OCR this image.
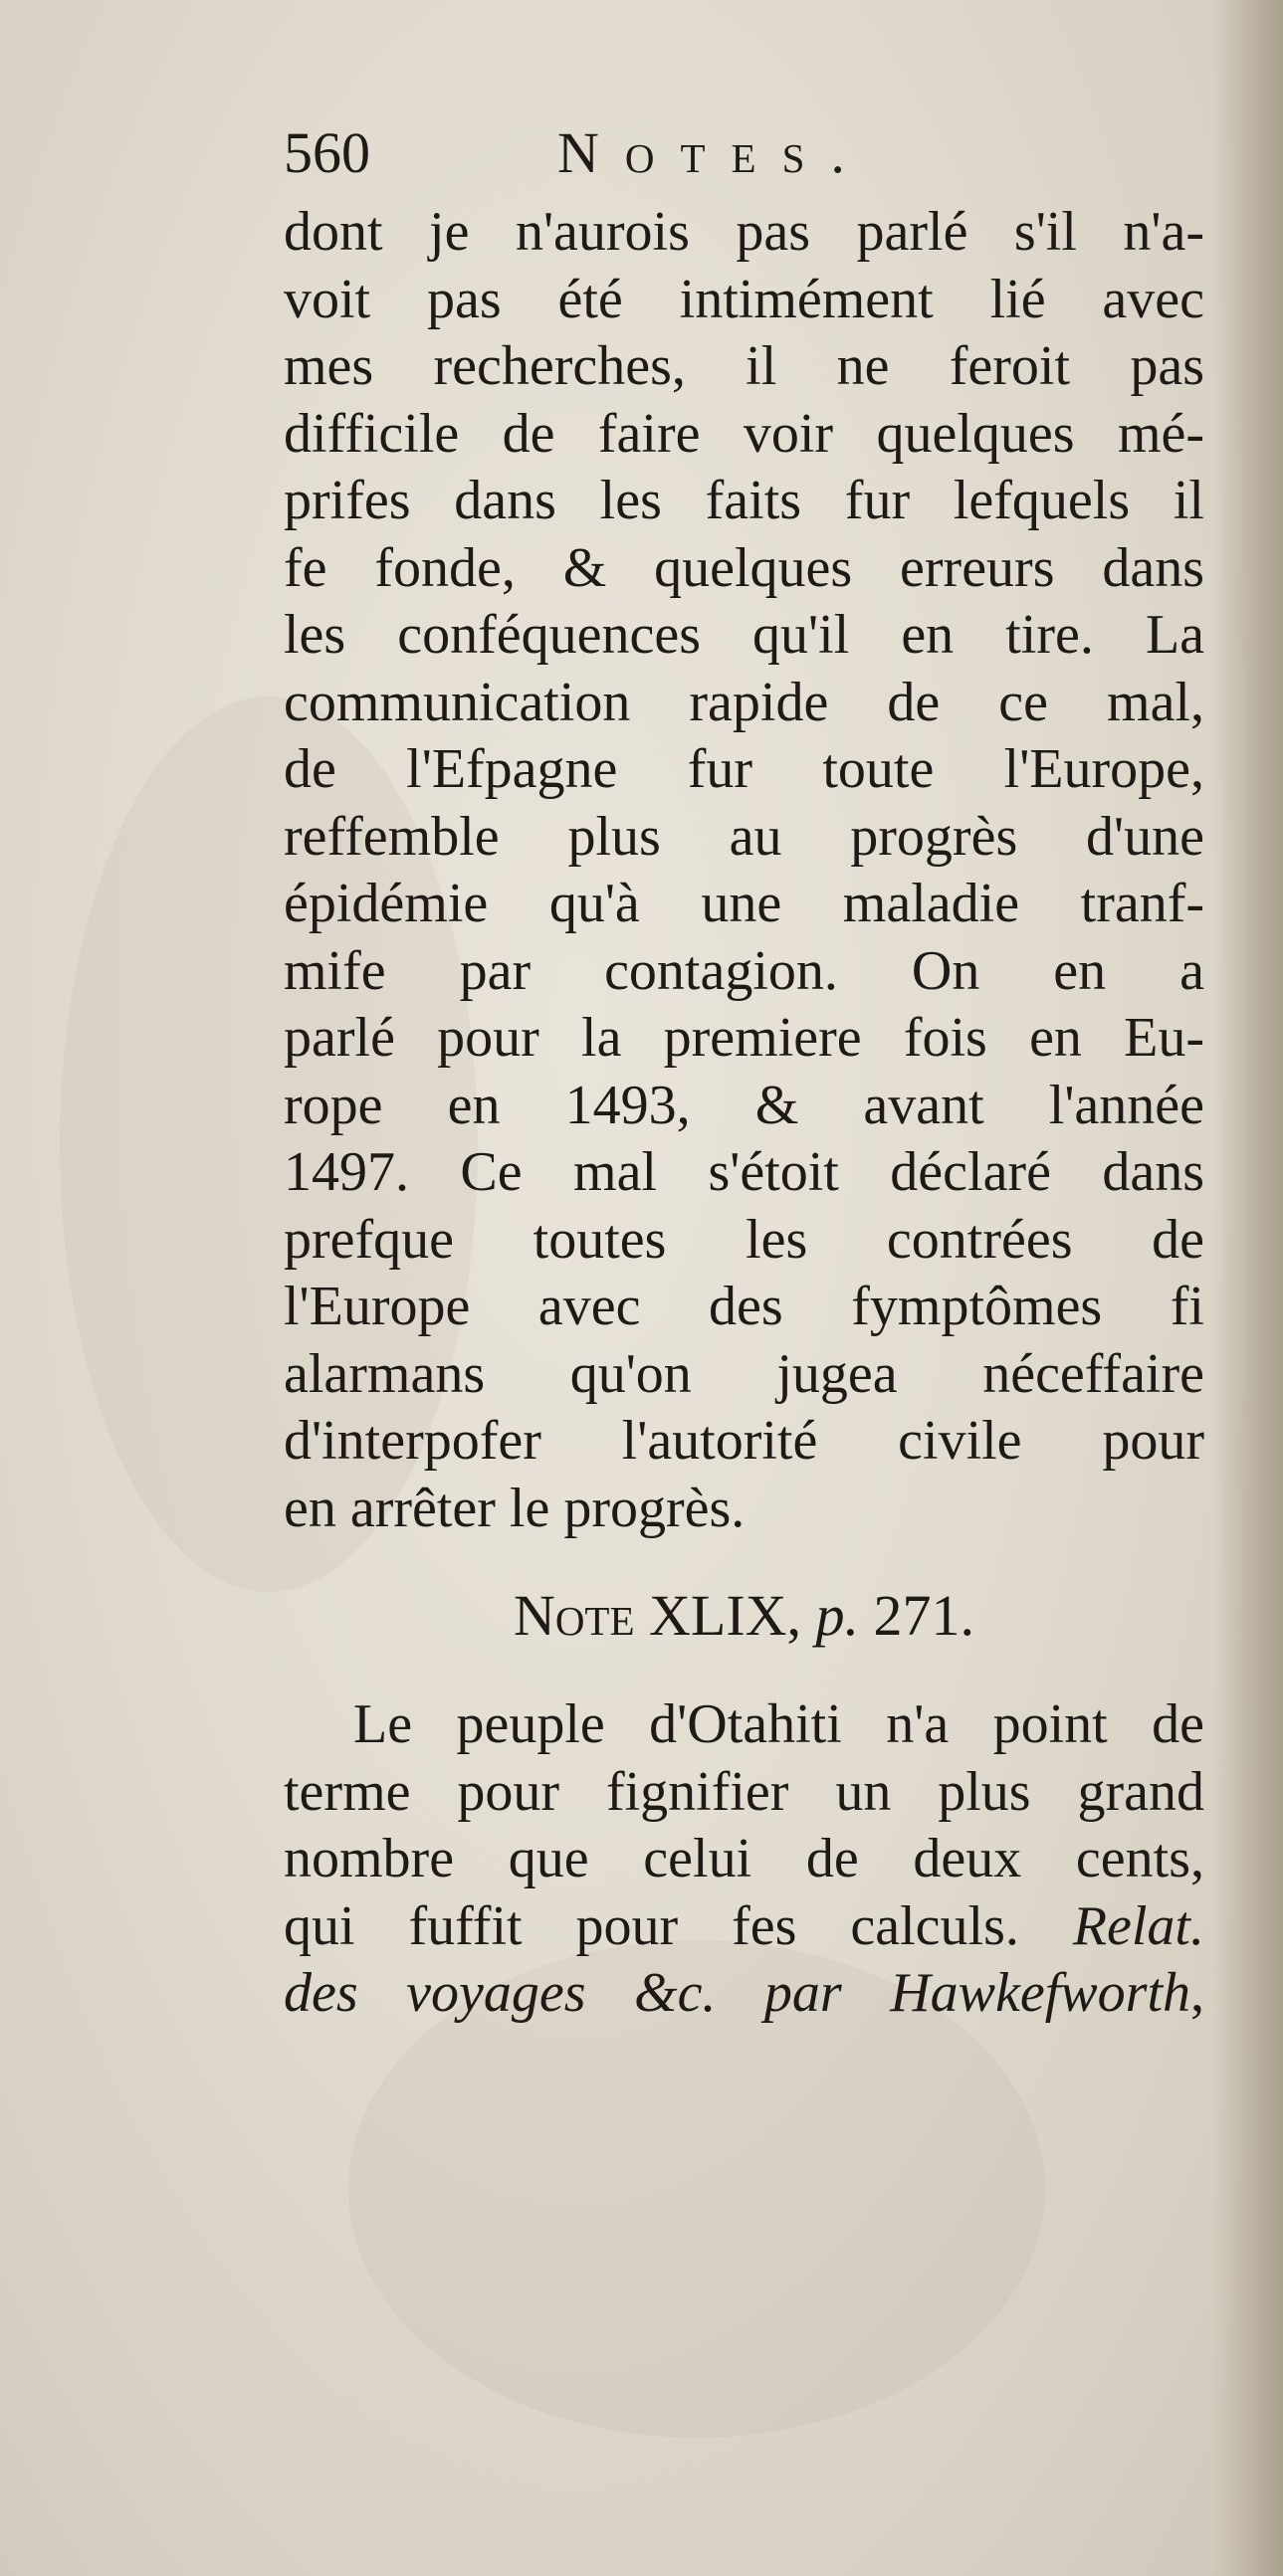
560	Notes.
dont je n'aurois pas parlé s'il n'a-
voit pas été intimément lié avec
mes recherches, il ne feroit pas
difficile de faire voir quelques mé-
prifes dans les faits fur lefquels il
fe fonde, & quelques erreurs dans
les conféquences qu'il en tire. La
communication rapide de ce mal,
de l'Efpagne fur toute l'Europe,
reffemble plus au progrès d'une
épidémie qu'à une maladie tranf-
mife par contagion. On en a
parlé pour la premiere fois en Eu-
rope en 1493, & avant l'année
1497. Ce mal s'étoit déclaré dans
prefque toutes les contrées de
l'Europe avec des fymptômes fi
alarmans qu'on jugea néceffaire
d'interpofer l'autorité civile pour
en arrêter le progrès.
Note XLIX, p. 271.
Le peuple d'Otahiti n'a point de
terme pour fignifier un plus grand
nombre que celui de deux cents,
qui fuffit pour fes calculs. Relat.
des voyages &c. par Hawkefworth,
